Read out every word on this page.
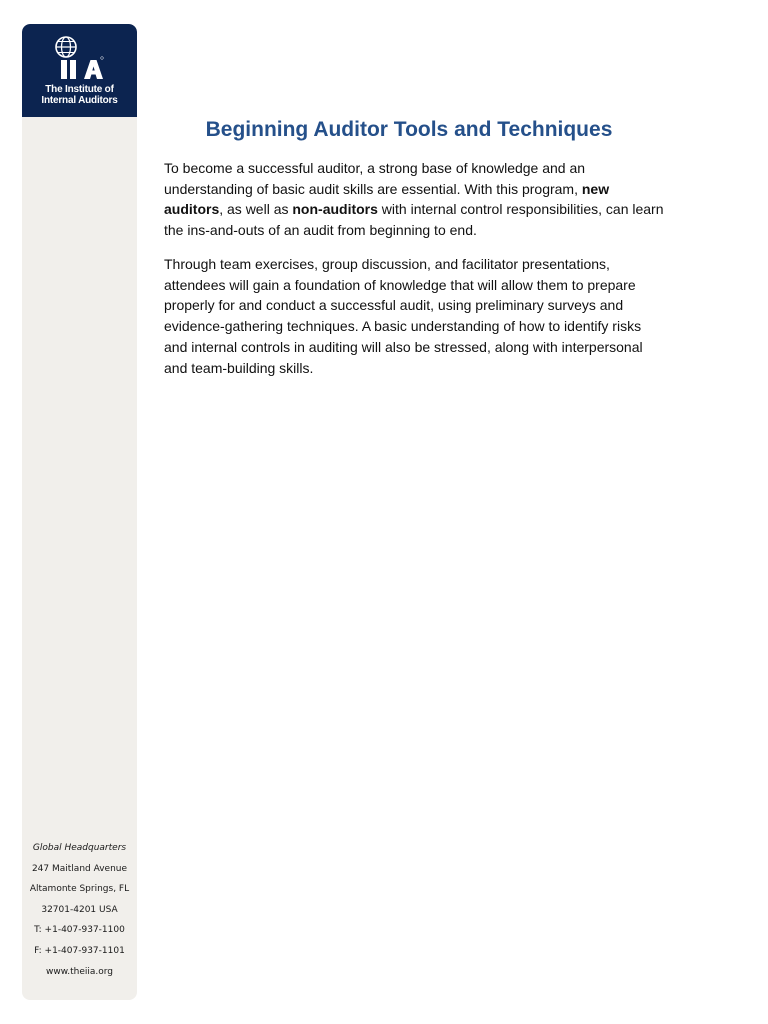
The Institute of
Internal Auditors
Global Headquarters
247 Maitland Avenue
Altamonte Springs, FL
32701-4201 USA
T: +1-407-937-1100
F: +1-407-937-1101
www.theiia.org
Beginning Auditor Tools and Techniques

To become a successful auditor, a strong base of knowledge and an understanding of basic audit skills are essential. With this program, new auditors, as well as non-auditors with internal control responsibilities, can learn the ins-and-outs of an audit from beginning to end.

Through team exercises, group discussion, and facilitator presentations, attendees will gain a foundation of knowledge that will allow them to prepare properly for and conduct a successful audit, using preliminary surveys and evidence-gathering techniques. A basic understanding of how to identify risks and internal controls in auditing will also be stressed, along with interpersonal and team-building skills.
